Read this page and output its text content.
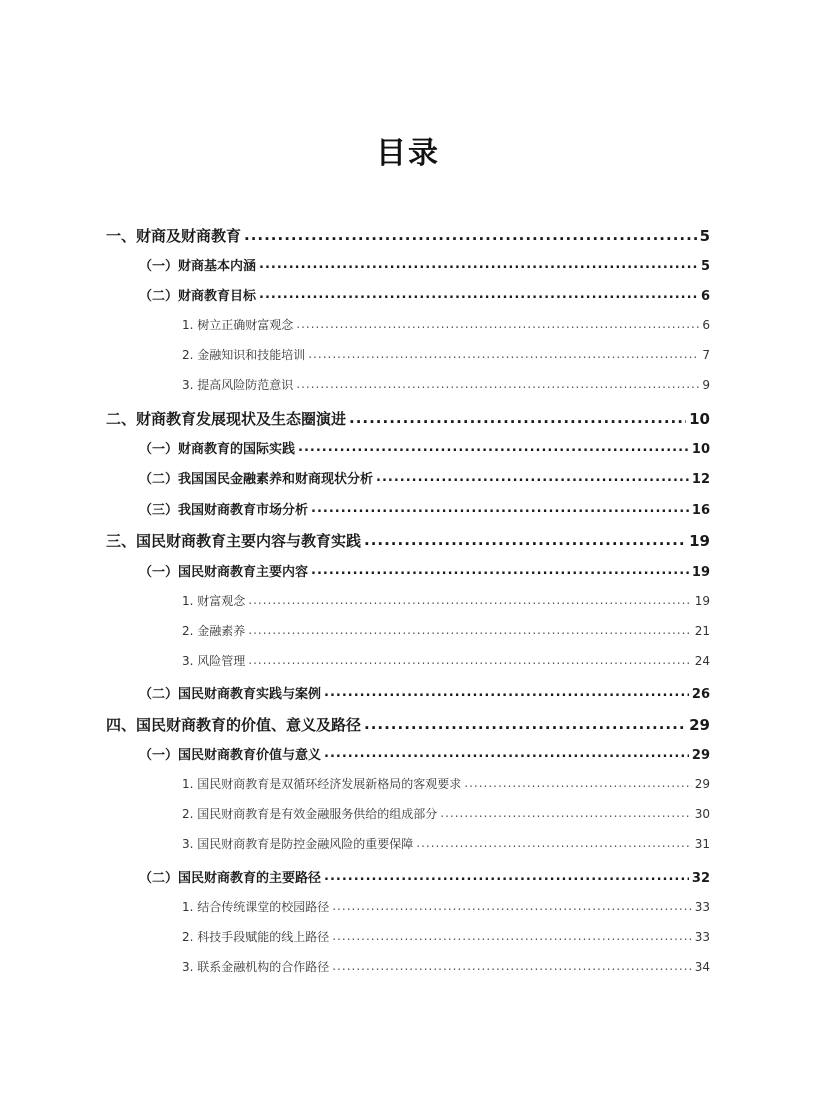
目录
一、财商及财商教育 .....	5
（一）财商基本内涵 .....	5
（二）财商教育目标 .....	6
1. 树立正确财富观念 .....	6
2. 金融知识和技能培训 .....	7
3. 提高风险防范意识 .....	9
二、财商教育发展现状及生态圈演进 .....	10
（一）财商教育的国际实践 .....	10
（二）我国国民金融素养和财商现状分析 .....	12
（三）我国财商教育市场分析 .....	16
三、国民财商教育主要内容与教育实践 .....	19
（一）国民财商教育主要内容 .....	19
1. 财富观念 .....	19
2. 金融素养 .....	21
3. 风险管理 .....	24
（二）国民财商教育实践与案例 .....	26
四、国民财商教育的价值、意义及路径 .....	29
（一）国民财商教育价值与意义 .....	29
1. 国民财商教育是双循环经济发展新格局的客观要求 .....	29
2. 国民财商教育是有效金融服务供给的组成部分 .....	30
3. 国民财商教育是防控金融风险的重要保障 .....	31
（二）国民财商教育的主要路径 .....	32
1. 结合传统课堂的校园路径 .....	33
2. 科技手段赋能的线上路径 .....	33
3. 联系金融机构的合作路径 .....	34
